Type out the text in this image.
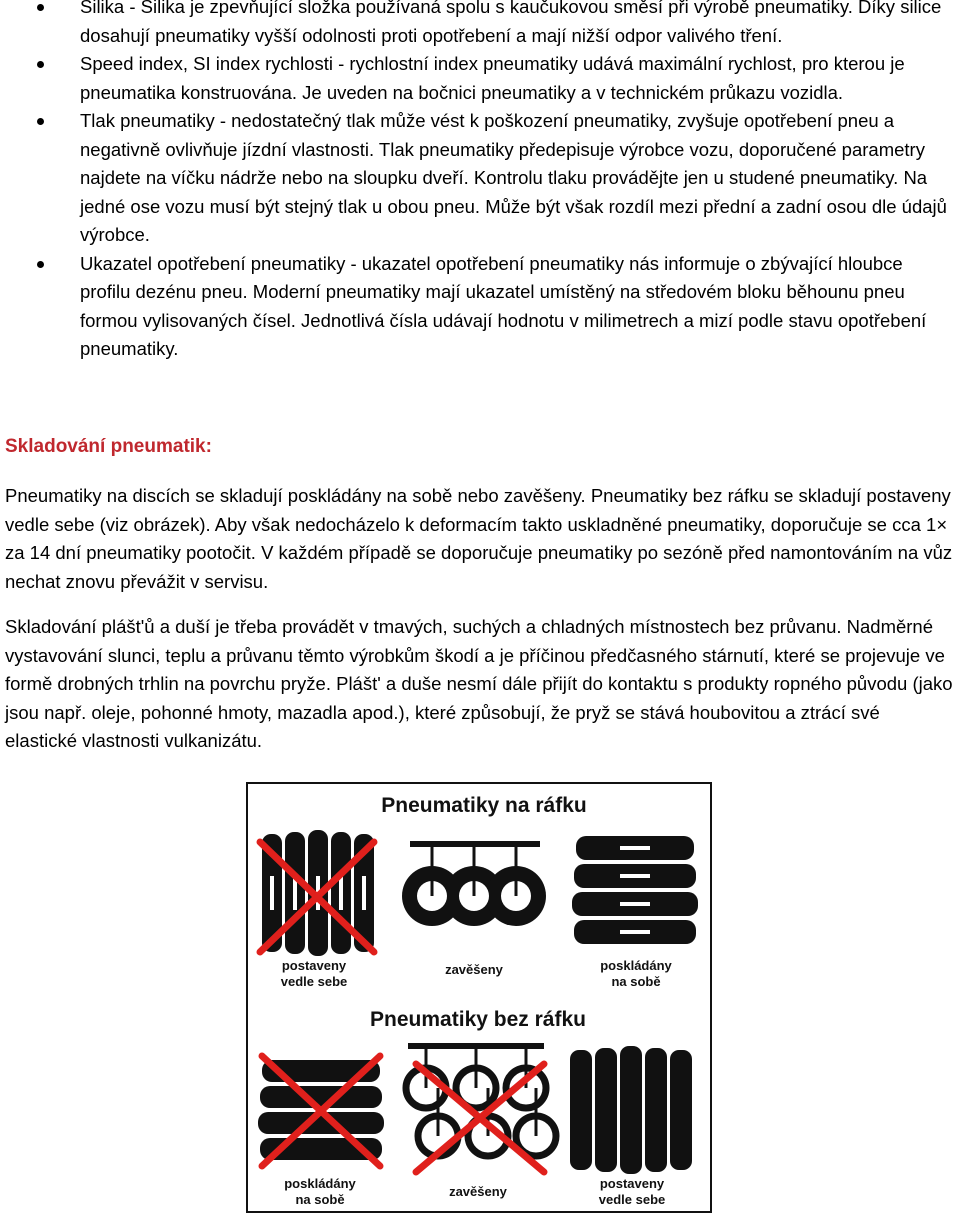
Silika - Silika je zpevňující složka používaná spolu s kaučukovou směsí při výrobě pneumatiky. Díky silice dosahují pneumatiky vyšší odolnosti proti opotřebení a mají nižší odpor valivého tření.
Speed index, SI index rychlosti - rychlostní index pneumatiky udává maximální rychlost, pro kterou je pneumatika konstruována. Je uveden na bočnici pneumatiky a v technickém průkazu vozidla.
Tlak pneumatiky - nedostatečný tlak může vést k poškození pneumatiky, zvyšuje opotřebení pneu a negativně ovlivňuje jízdní vlastnosti. Tlak pneumatiky předepisuje výrobce vozu, doporučené parametry najdete na víčku nádrže nebo na sloupku dveří. Kontrolu tlaku provádějte jen u studené pneumatiky. Na jedné ose vozu musí být stejný tlak u obou pneu. Může být však rozdíl mezi přední a zadní osou dle údajů výrobce.
Ukazatel opotřebení pneumatiky - ukazatel opotřebení pneumatiky nás informuje o zbývající hloubce profilu dezénu pneu. Moderní pneumatiky mají ukazatel umístěný na středovém bloku běhounu pneu formou vylisovaných čísel. Jednotlivá čísla udávají hodnotu v milimetrech a mizí podle stavu opotřebení pneumatiky.
Skladování pneumatik:
Pneumatiky na discích se skladují poskládány na sobě nebo zavěšeny. Pneumatiky bez ráfku se skladují postaveny vedle sebe (viz obrázek). Aby však nedocházelo k deformacím takto uskladněné pneumatiky, doporučuje se cca 1× za 14 dní pneumatiky pootočit. V každém případě se doporučuje pneumatiky po sezóně před namontováním na vůz nechat znovu převážit v servisu.
Skladování plášt'ů a duší je třeba provádět v tmavých, suchých a chladných místnostech bez průvanu. Nadměrné vystavování slunci, teplu a průvanu těmto výrobkům škodí a je příčinou předčasného stárnutí, které se projevuje ve formě drobných trhlin na povrchu pryže. Plášt' a duše nesmí dále přijít do kontaktu s produkty ropného původu (jako jsou např. oleje, pohonné hmoty, mazadla apod.), které způsobují, že pryž se stává houbovitou a ztrácí své elastické vlastnosti vulkanizátu.
Pneumatiky na ráfku
postaveny
vedle sebe
zavěšeny	poskládány
na sobě
Pneumatiky bez ráfku
poskládány
na sobě
zavěšeny
postaveny
vedle sebe
